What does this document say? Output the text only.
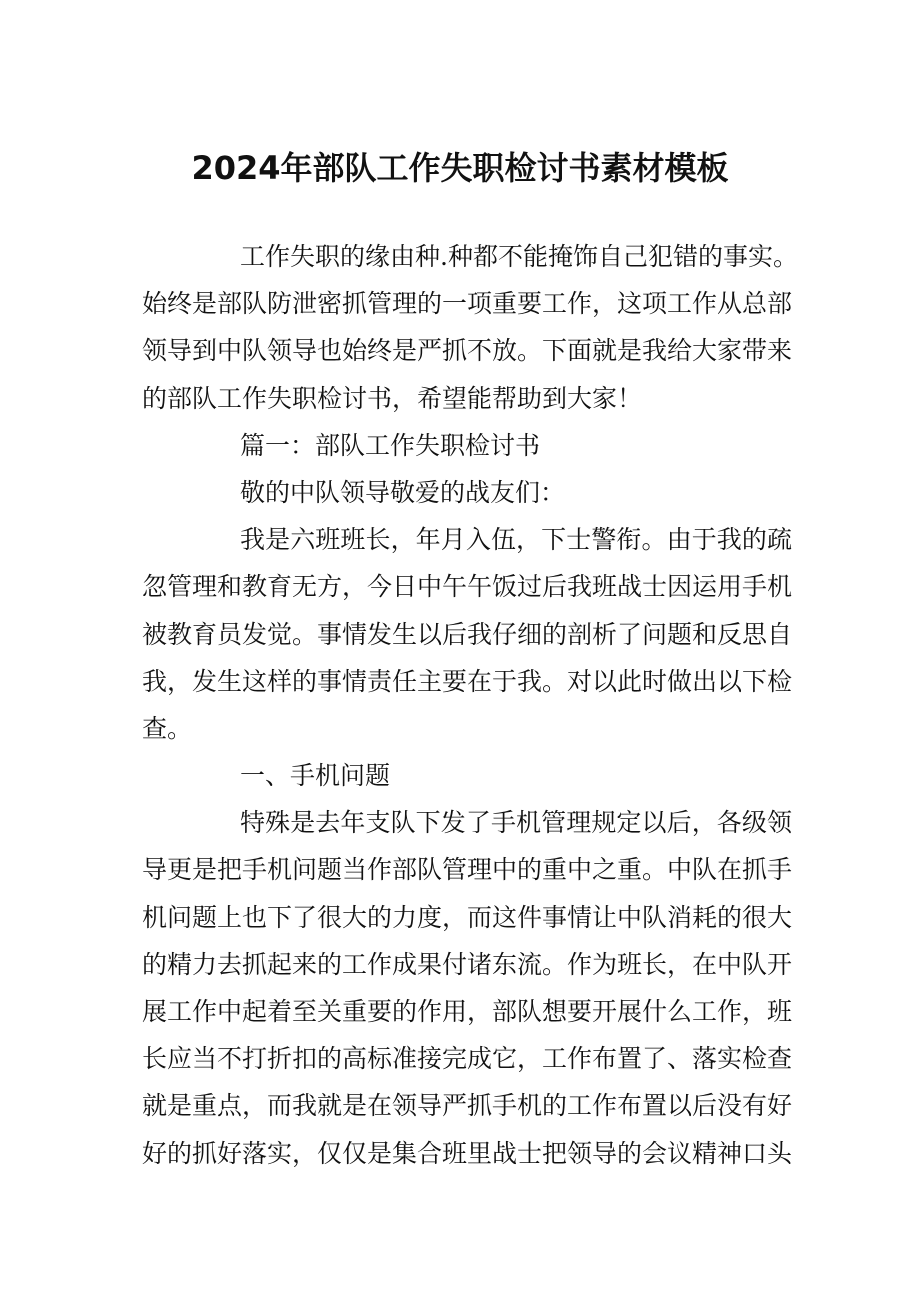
2024年部队工作失职检讨书素材模板
工作失职的缘由种.种都不能掩饰自己犯错的事实。
始终是部队防泄密抓管理的一项重要工作，这项工作从总部
领导到中队领导也始终是严抓不放。下面就是我给大家带来
的部队工作失职检讨书，希望能帮助到大家！
篇一：部队工作失职检讨书
敬的中队领导敬爱的战友们：
我是六班班长，年月入伍，下士警衔。由于我的疏
忽管理和教育无方，今日中午午饭过后我班战士因运用手机
被教育员发觉。事情发生以后我仔细的剖析了问题和反思自
我，发生这样的事情责任主要在于我。对以此时做出以下检
查。
一、手机问题
特殊是去年支队下发了手机管理规定以后，各级领
导更是把手机问题当作部队管理中的重中之重。中队在抓手
机问题上也下了很大的力度，而这件事情让中队消耗的很大
的精力去抓起来的工作成果付诸东流。作为班长，在中队开
展工作中起着至关重要的作用，部队想要开展什么工作，班
长应当不打折扣的高标准接完成它，工作布置了、落实检查
就是重点，而我就是在领导严抓手机的工作布置以后没有好
好的抓好落实，仅仅是集合班里战士把领导的会议精神口头
